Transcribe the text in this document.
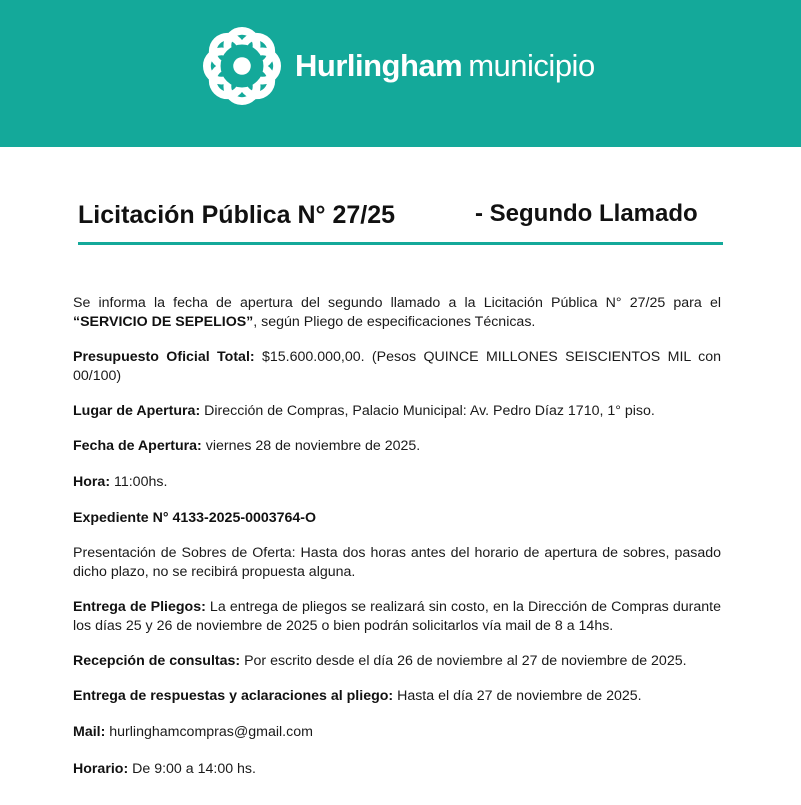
Hurlingham municipio
Licitación Pública N° 27/25	- Segundo Llamado
Se informa la fecha de apertura del segundo llamado a la Licitación Pública N° 27/25 para el “SERVICIO DE SEPELIOS”, según Pliego de especificaciones Técnicas.
Presupuesto Oficial Total: $15.600.000,00. (Pesos QUINCE MILLONES SEISCIENTOS MIL con 00/100)
Lugar de Apertura: Dirección de Compras, Palacio Municipal: Av. Pedro Díaz 1710, 1° piso.
Fecha de Apertura: viernes 28 de noviembre de 2025.
Hora: 11:00hs.
Expediente N° 4133-2025-0003764-O
Presentación de Sobres de Oferta: Hasta dos horas antes del horario de apertura de sobres, pasado dicho plazo, no se recibirá propuesta alguna.
Entrega de Pliegos: La entrega de pliegos se realizará sin costo, en la Dirección de Compras durante los días 25 y 26 de noviembre de 2025 o bien podrán solicitarlos vía mail de 8 a 14hs.
Recepción de consultas: Por escrito desde el día 26 de noviembre al 27 de noviembre de 2025.
Entrega de respuestas y aclaraciones al pliego: Hasta el día 27 de noviembre de 2025.
Mail: hurlinghamcompras@gmail.com
Horario: De 9:00 a 14:00 hs.
